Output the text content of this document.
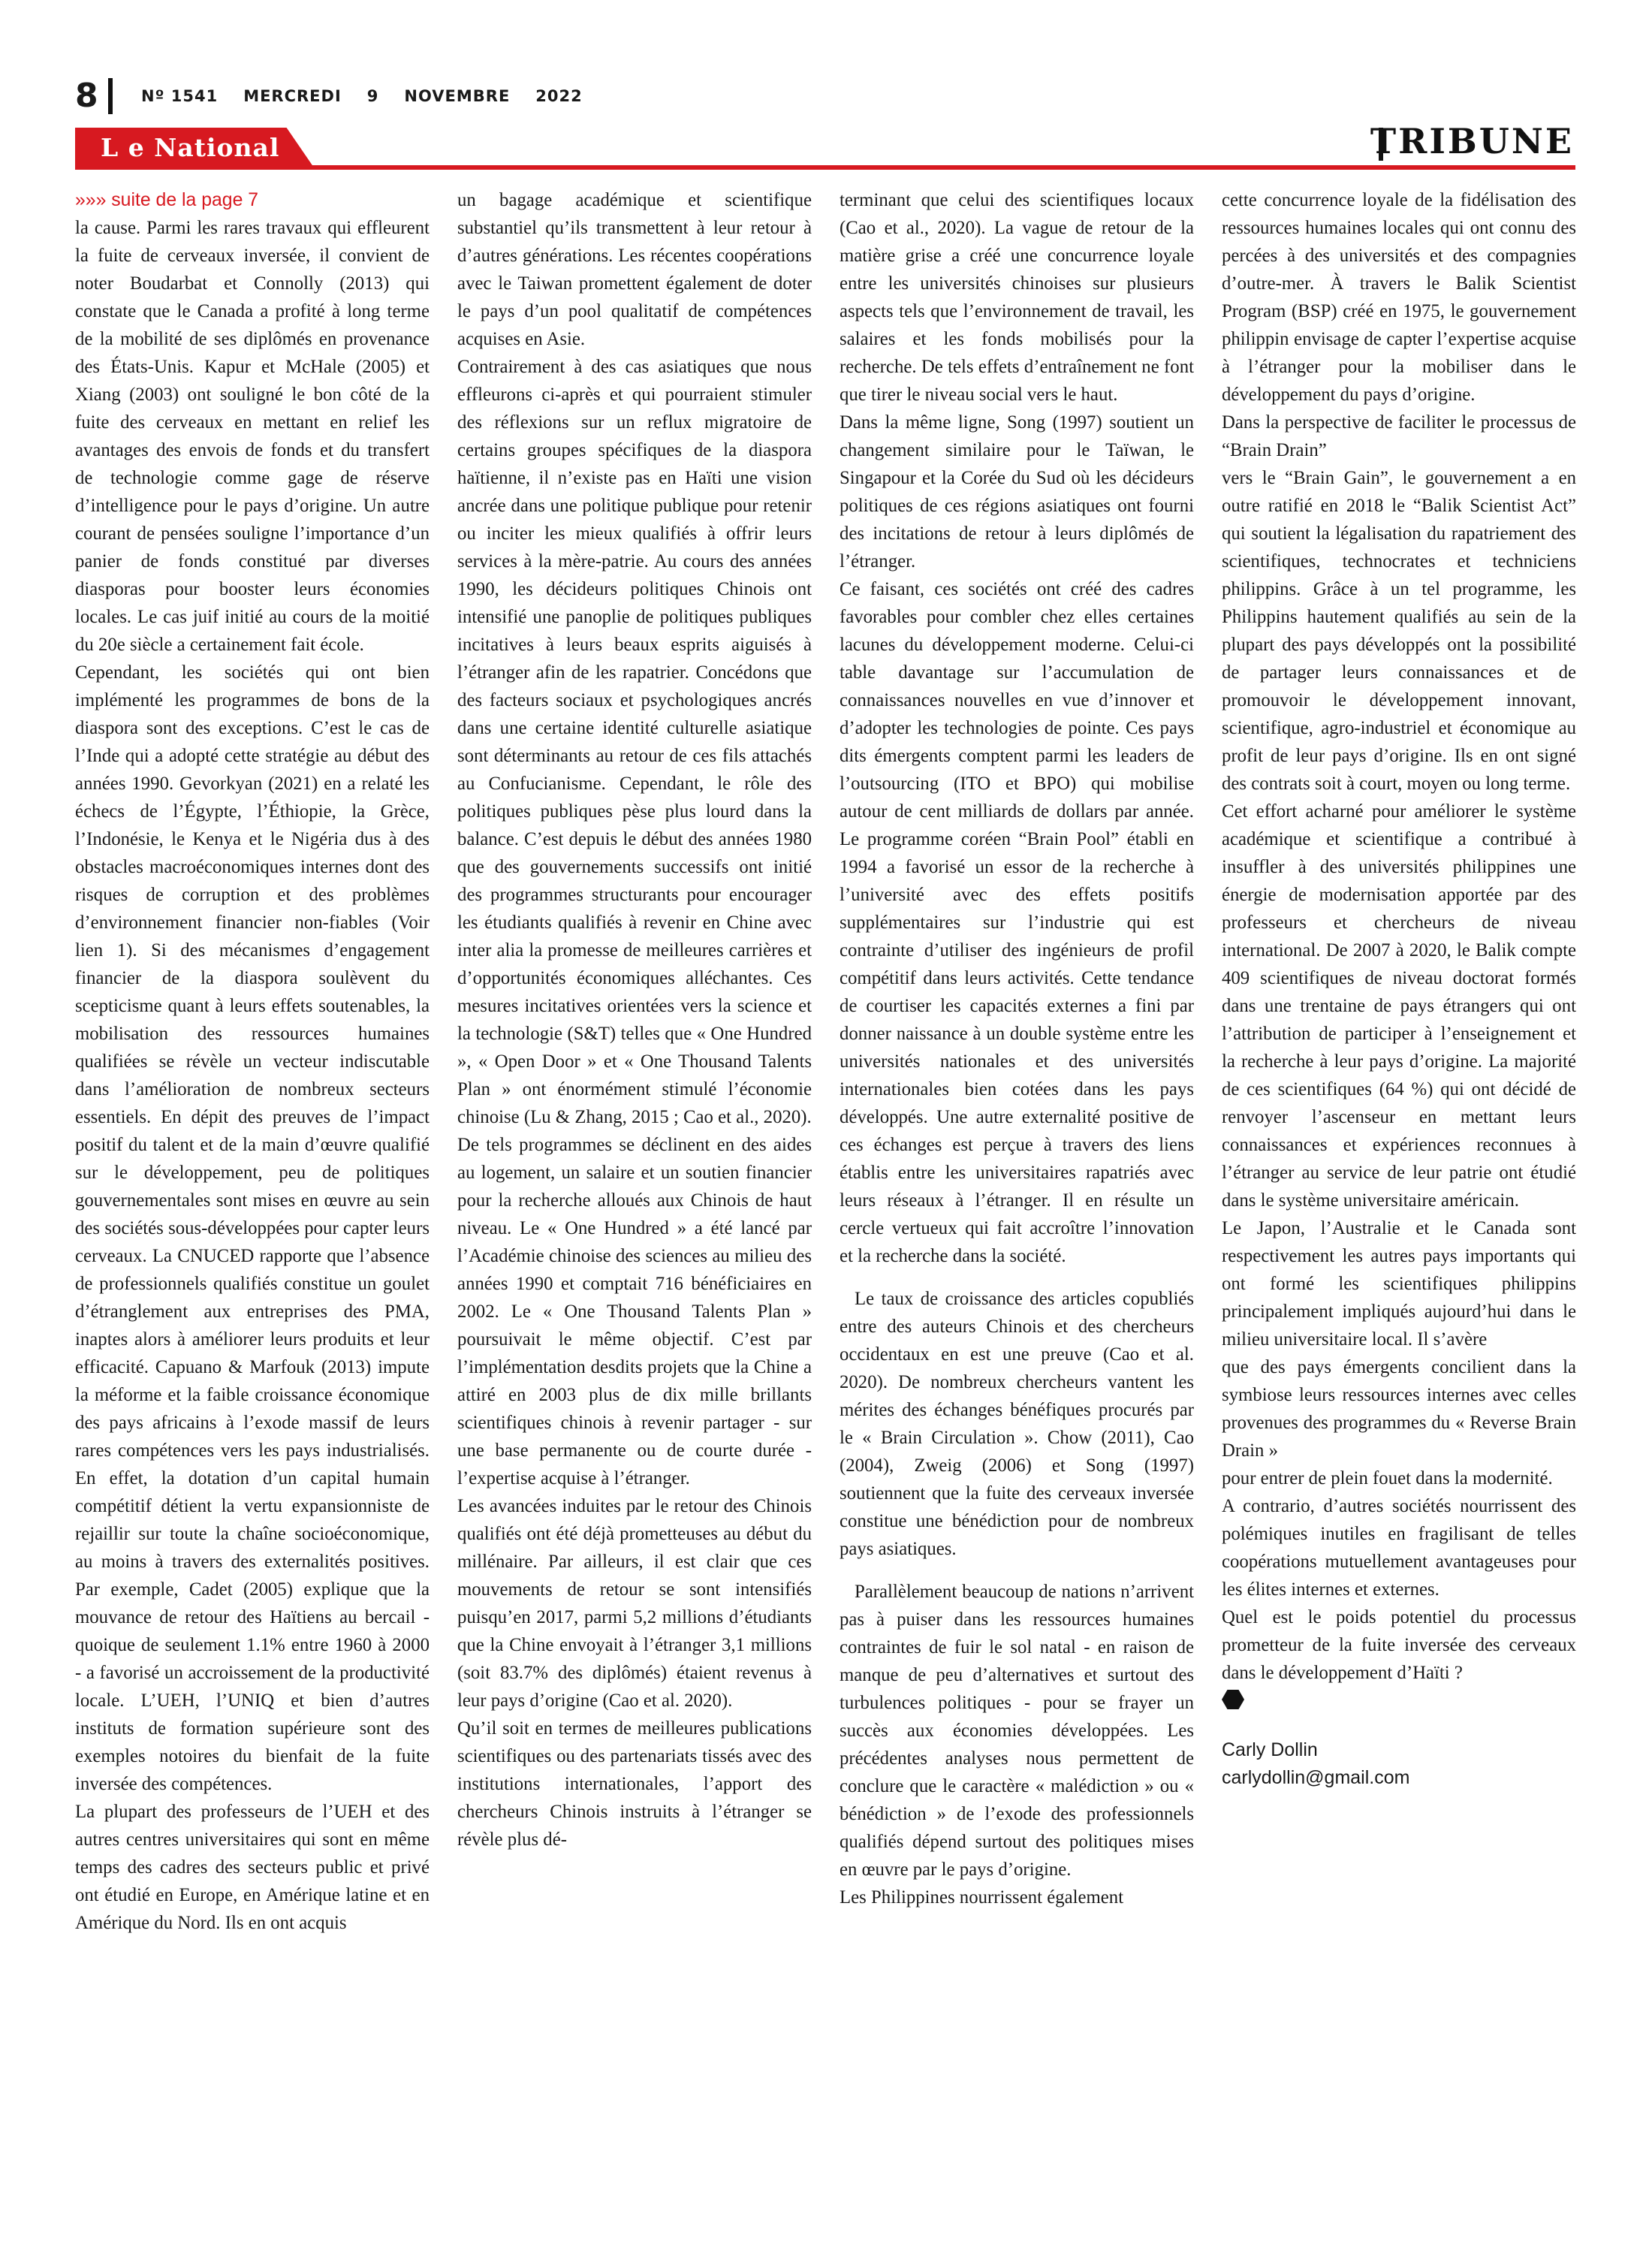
8	Nº 1541 MERCREDI 9 NOVEMBRE 2022
L e National	TRIBUNE

»»» suite de la page 7

la cause. Parmi les rares travaux qui effleurent la fuite de cerveaux inversée, il convient de noter Boudarbat et Connolly (2013) qui constate que le Canada a profité à long terme de la mobilité de ses diplômés en provenance des États-Unis. Kapur et McHale (2005) et Xiang (2003) ont souligné le bon côté de la fuite des cerveaux en mettant en relief les avantages des envois de fonds et du transfert de technologie comme gage de réserve d’intelligence pour le pays d’origine. Un autre courant de pensées souligne l’importance d’un panier de fonds constitué par diverses diasporas pour booster leurs économies locales. Le cas juif initié au cours de la moitié du 20e siècle a certainement fait école.

Cependant, les sociétés qui ont bien implémenté les programmes de bons de la diaspora sont des exceptions. C’est le cas de l’Inde qui a adopté cette stratégie au début des années 1990. Gevorkyan (2021) en a relaté les échecs de l’Égypte, l’Éthiopie, la Grèce, l’Indonésie, le Kenya et le Nigéria dus à des obstacles macroéconomiques internes dont des risques de corruption et des problèmes d’environnement financier non-fiables (Voir lien 1). Si des mécanismes d’engagement financier de la diaspora soulèvent du scepticisme quant à leurs effets soutenables, la mobilisation des ressources humaines qualifiées se révèle un vecteur indiscutable dans l’amélioration de nombreux secteurs essentiels. En dépit des preuves de l’impact positif du talent et de la main d’œuvre qualifié sur le développement, peu de politiques gouvernementales sont mises en œuvre au sein des sociétés sous-développées pour capter leurs cerveaux. La CNUCED rapporte que l’absence de professionnels qualifiés constitue un goulet d’étranglement aux entreprises des PMA, inaptes alors à améliorer leurs produits et leur efficacité. Capuano & Marfouk (2013) impute la méforme et la faible croissance économique des pays africains à l’exode massif de leurs rares compétences vers les pays industrialisés. En effet, la dotation d’un capital humain compétitif détient la vertu expansionniste de rejaillir sur toute la chaîne socioéconomique, au moins à travers des externalités positives. Par exemple, Cadet (2005) explique que la mouvance de retour des Haïtiens au bercail - quoique de seulement 1.1% entre 1960 à 2000 - a favorisé un accroissement de la productivité locale. L’UEH, l’UNIQ et bien d’autres instituts de formation supérieure sont des exemples notoires du bienfait de la fuite inversée des compétences.

La plupart des professeurs de l’UEH et des autres centres universitaires qui sont en même temps des cadres des secteurs public et privé ont étudié en Europe, en Amérique latine et en Amérique du Nord. Ils en ont acquis

un bagage académique et scientifique substantiel qu’ils transmettent à leur retour à d’autres générations. Les récentes coopérations avec le Taiwan promettent également de doter le pays d’un pool qualitatif de compétences acquises en Asie.

Contrairement à des cas asiatiques que nous effleurons ci-après et qui pourraient stimuler des réflexions sur un reflux migratoire de certains groupes spécifiques de la diaspora haïtienne, il n’existe pas en Haïti une vision ancrée dans une politique publique pour retenir ou inciter les mieux qualifiés à offrir leurs services à la mère-patrie. Au cours des années 1990, les décideurs politiques Chinois ont intensifié une panoplie de politiques publiques incitatives à leurs beaux esprits aiguisés à l’étranger afin de les rapatrier. Concédons que des facteurs sociaux et psychologiques ancrés dans une certaine identité culturelle asiatique sont déterminants au retour de ces fils attachés au Confucianisme. Cependant, le rôle des politiques publiques pèse plus lourd dans la balance. C’est depuis le début des années 1980 que des gouvernements successifs ont initié des programmes structurants pour encourager les étudiants qualifiés à revenir en Chine avec inter alia la promesse de meilleures carrières et d’opportunités économiques alléchantes. Ces mesures incitatives orientées vers la science et la technologie (S&T) telles que « One Hundred », « Open Door » et « One Thousand Talents Plan » ont énormément stimulé l’économie chinoise (Lu & Zhang, 2015 ; Cao et al., 2020).

De tels programmes se déclinent en des aides au logement, un salaire et un soutien financier pour la recherche alloués aux Chinois de haut niveau. Le « One Hundred » a été lancé par l’Académie chinoise des sciences au milieu des années 1990 et comptait 716 bénéficiaires en 2002. Le « One Thousand Talents Plan » poursuivait le même objectif. C’est par l’implémentation desdits projets que la Chine a attiré en 2003 plus de dix mille brillants scientifiques chinois à revenir partager - sur une base permanente ou de courte durée - l’expertise acquise à l’étranger.

Les avancées induites par le retour des Chinois qualifiés ont été déjà prometteuses au début du millénaire. Par ailleurs, il est clair que ces mouvements de retour se sont intensifiés puisqu’en 2017, parmi 5,2 millions d’étudiants que la Chine envoyait à l’étranger 3,1 millions (soit 83.7% des diplômés) étaient revenus à leur pays d’origine (Cao et al. 2020).

Qu’il soit en termes de meilleures publications scientifiques ou des partenariats tissés avec des institutions internationales, l’apport des chercheurs Chinois instruits à l’étranger se révèle plus dé-

terminant que celui des scientifiques locaux (Cao et al., 2020). La vague de retour de la matière grise a créé une concurrence loyale entre les universités chinoises sur plusieurs aspects tels que l’environnement de travail, les salaires et les fonds mobilisés pour la recherche. De tels effets d’entraînement ne font que tirer le niveau social vers le haut.

Dans la même ligne, Song (1997) soutient un changement similaire pour le Taïwan, le Singapour et la Corée du Sud où les décideurs politiques de ces régions asiatiques ont fourni des incitations de retour à leurs diplômés de l’étranger.

Ce faisant, ces sociétés ont créé des cadres favorables pour combler chez elles certaines lacunes du développement moderne. Celui-ci table davantage sur l’accumulation de connaissances nouvelles en vue d’innover et d’adopter les technologies de pointe. Ces pays dits émergents comptent parmi les leaders de l’outsourcing (ITO et BPO) qui mobilise autour de cent milliards de dollars par année. Le programme coréen “Brain Pool” établi en 1994 a favorisé un essor de la recherche à l’université avec des effets positifs supplémentaires sur l’industrie qui est contrainte d’utiliser des ingénieurs de profil compétitif dans leurs activités. Cette tendance de courtiser les capacités externes a fini par donner naissance à un double système entre les universités nationales et des universités internationales bien cotées dans les pays développés. Une autre externalité positive de ces échanges est perçue à travers des liens établis entre les universitaires rapatriés avec leurs réseaux à l’étranger. Il en résulte un cercle vertueux qui fait accroître l’innovation et la recherche dans la société.

Le taux de croissance des articles copubliés entre des auteurs Chinois et des chercheurs occidentaux en est une preuve (Cao et al. 2020). De nombreux chercheurs vantent les mérites des échanges bénéfiques procurés par le « Brain Circulation ». Chow (2011), Cao (2004), Zweig (2006) et Song (1997) soutiennent que la fuite des cerveaux inversée constitue une bénédiction pour de nombreux pays asiatiques.

Parallèlement beaucoup de nations n’arrivent pas à puiser dans les ressources humaines contraintes de fuir le sol natal - en raison de manque de peu d’alternatives et surtout des turbulences politiques - pour se frayer un succès aux économies développées. Les précédentes analyses nous permettent de conclure que le caractère « malédiction » ou « bénédiction » de l’exode des professionnels qualifiés dépend surtout des politiques mises en œuvre par le pays d’origine.

Les Philippines nourrissent également

cette concurrence loyale de la fidélisation des ressources humaines locales qui ont connu des percées à des universités et des compagnies d’outre-mer. À travers le Balik Scientist Program (BSP) créé en 1975, le gouvernement philippin envisage de capter l’expertise acquise à l’étranger pour la mobiliser dans le développement du pays d’origine.

Dans la perspective de faciliter le processus de “Brain Drain”

vers le “Brain Gain”, le gouvernement a en outre ratifié en 2018 le “Balik Scientist Act” qui soutient la légalisation du rapatriement des scientifiques, technocrates et techniciens philippins. Grâce à un tel programme, les Philippins hautement qualifiés au sein de la plupart des pays développés ont la possibilité de partager leurs connaissances et de promouvoir le développement innovant, scientifique, agro-industriel et économique au profit de leur pays d’origine. Ils en ont signé des contrats soit à court, moyen ou long terme.

Cet effort acharné pour améliorer le système académique et scientifique a contribué à insuffler à des universités philippines une énergie de modernisation apportée par des professeurs et chercheurs de niveau international. De 2007 à 2020, le Balik compte 409 scientifiques de niveau doctorat formés dans une trentaine de pays étrangers qui ont l’attribution de participer à l’enseignement et la recherche à leur pays d’origine. La majorité de ces scientifiques (64 %) qui ont décidé de renvoyer l’ascenseur en mettant leurs connaissances et expériences reconnues à l’étranger au service de leur patrie ont étudié dans le système universitaire américain.

Le Japon, l’Australie et le Canada sont respectivement les autres pays importants qui ont formé les scientifiques philippins principalement impliqués aujourd’hui dans le milieu universitaire local. Il s’avère

que des pays émergents concilient dans la symbiose leurs ressources internes avec celles provenues des programmes du « Reverse Brain Drain »

pour entrer de plein fouet dans la modernité.

A contrario, d’autres sociétés nourrissent des polémiques inutiles en fragilisant de telles coopérations mutuellement avantageuses pour les élites internes et externes.

Quel est le poids potentiel du processus prometteur de la fuite inversée des cerveaux dans le développement d’Haïti ?

Carly Dollin
carlydollin@gmail.com
